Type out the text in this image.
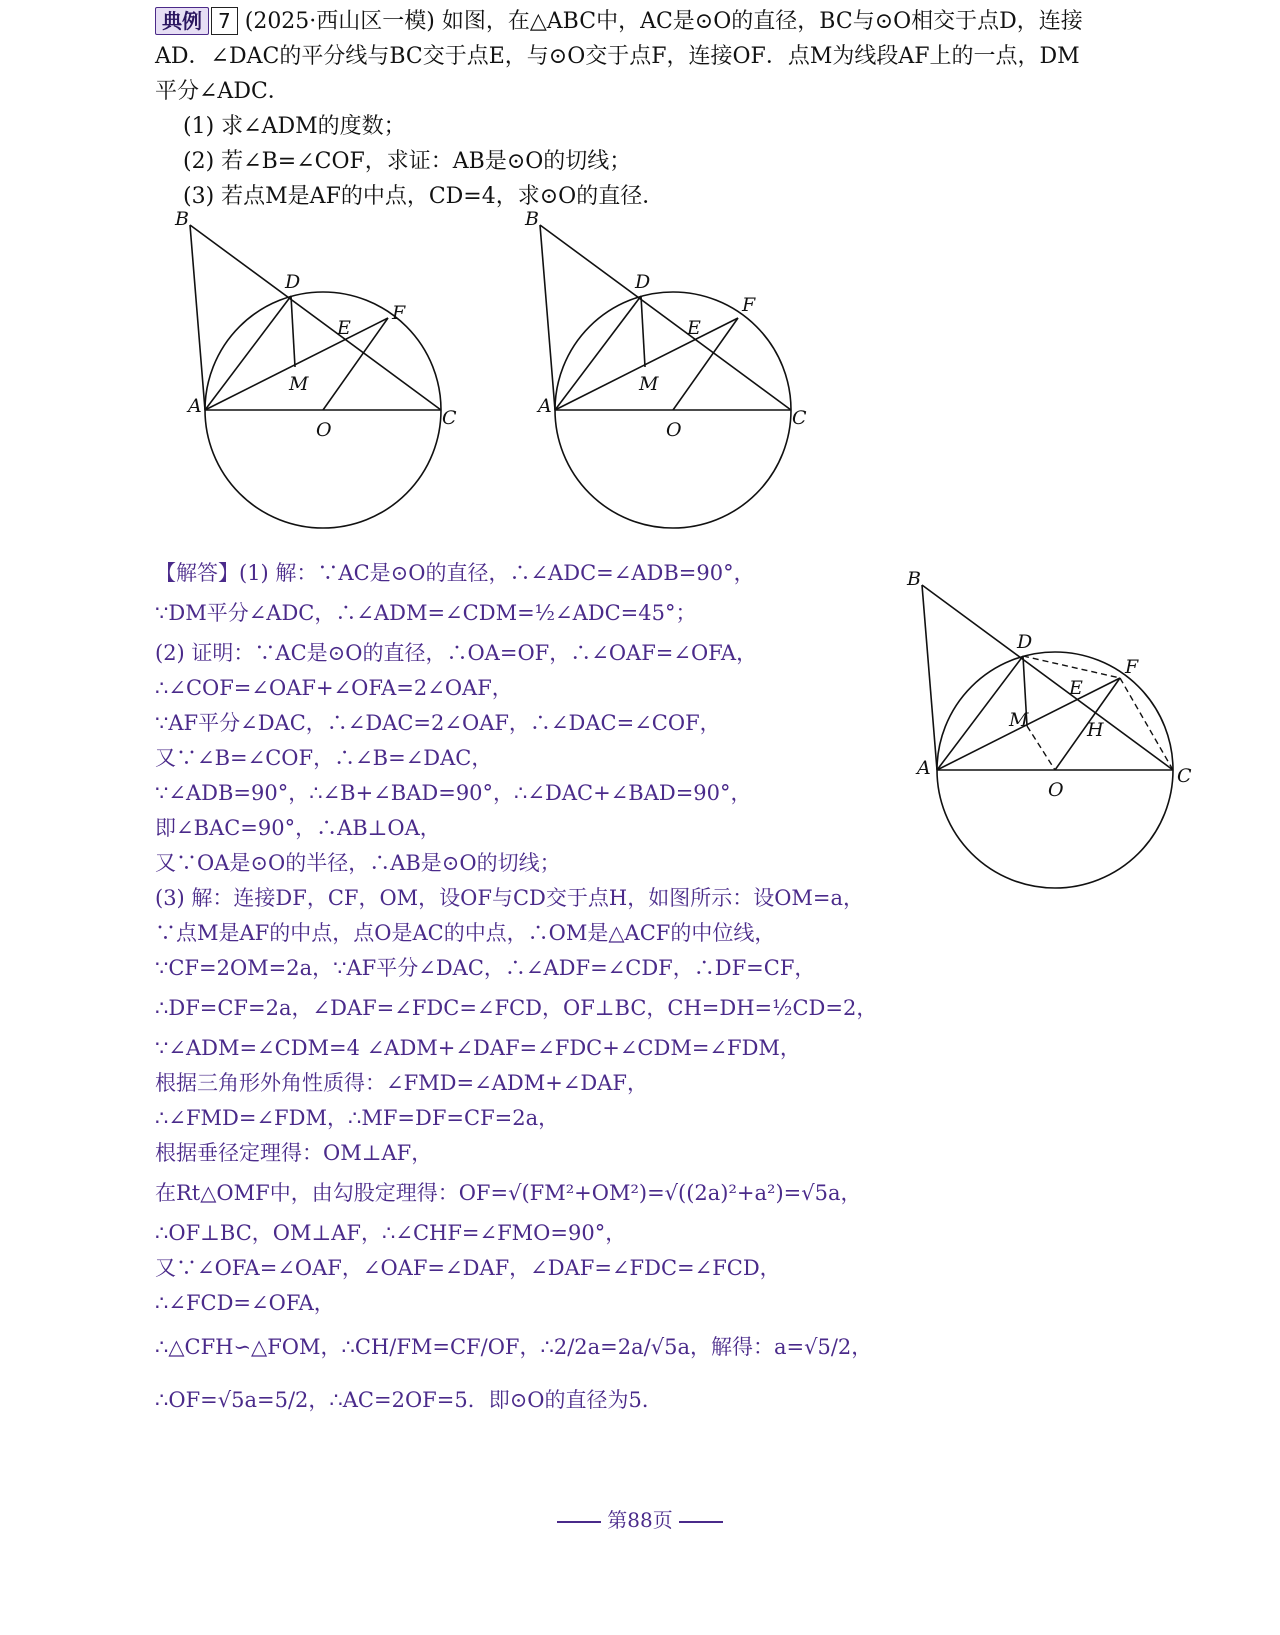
典例 7 (2025·西山区一模) 如图，在△ABC中，AC是⊙O的直径，BC与⊙O相交于点D，连接
AD．∠DAC的平分线与BC交于点E，与⊙O交于点F，连接OF．点M为线段AF上的一点，DM
平分∠ADC．
(1) 求∠ADM的度数；
(2) 若∠B=∠COF，求证：AB是⊙O的切线；
(3) 若点M是AF的中点，CD=4，求⊙O的直径．
B
D
E
F
M
A
O
C
B
D
E
F
M
A
O
C
B
D
E
F
M	H
A
O
C
【解答】(1) 解：∵AC是⊙O的直径，∴∠ADC=∠ADB=90°，
∵DM平分∠ADC，∴∠ADM=∠CDM=½∠ADC=45°；
(2) 证明：∵AC是⊙O的直径，∴OA=OF，∴∠OAF=∠OFA，
∴∠COF=∠OAF+∠OFA=2∠OAF，
∵AF平分∠DAC，∴∠DAC=2∠OAF，∴∠DAC=∠COF，
又∵∠B=∠COF，∴∠B=∠DAC，
∵∠ADB=90°，∴∠B+∠BAD=90°，∴∠DAC+∠BAD=90°，
即∠BAC=90°，∴AB⊥OA，
又∵OA是⊙O的半径，∴AB是⊙O的切线；
(3) 解：连接DF，CF，OM，设OF与CD交于点H，如图所示：设OM=a，
∵点M是AF的中点，点O是AC的中点，∴OM是△ACF的中位线，
∵CF=2OM=2a，∵AF平分∠DAC，∴∠ADF=∠CDF，∴DF=CF，
∴DF=CF=2a，∠DAF=∠FDC=∠FCD，OF⊥BC，CH=DH=½CD=2，
∵∠ADM=∠CDM=4 ∠ADM+∠DAF=∠FDC+∠CDM=∠FDM，
根据三角形外角性质得：∠FMD=∠ADM+∠DAF，
∴∠FMD=∠FDM，∴MF=DF=CF=2a，
根据垂径定理得：OM⊥AF，
在Rt△OMF中，由勾股定理得：OF=√(FM²+OM²)=√((2a)²+a²)=√5a，
∴OF⊥BC，OM⊥AF，∴∠CHF=∠FMO=90°，
又∵∠OFA=∠OAF，∠OAF=∠DAF，∠DAF=∠FDC=∠FCD，
∴∠FCD=∠OFA，
∴△CFH∽△FOM，∴CH/FM=CF/OF，∴2/2a=2a/√5a，解得：a=√5/2，
∴OF=√5a=5/2，∴AC=2OF=5．即⊙O的直径为5．
第88页
